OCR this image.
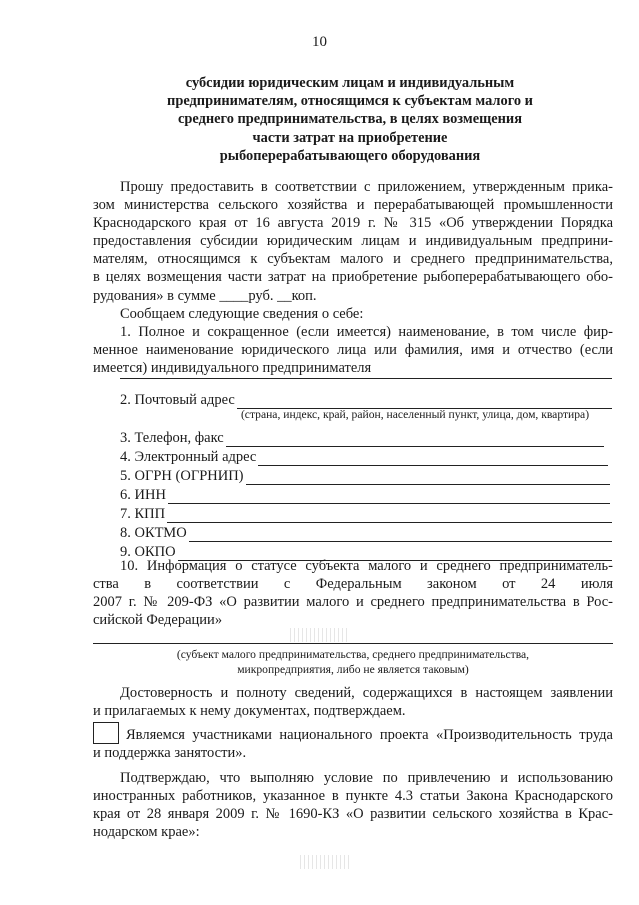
10
субсидии юридическим лицам и индивидуальным
предпринимателям, относящимся к субъектам малого и
среднего предпринимательства, в целях возмещения
части затрат на приобретение
рыбоперерабатывающего оборудования
Прошу предоставить в соответствии с приложением, утвержденным прика-
зом министерства сельского хозяйства и перерабатывающей промышленности
Краснодарского края от 16 августа 2019 г. № 315 «Об утверждении Порядка
предоставления субсидии юридическим лицам и индивидуальным предприни-
мателям, относящимся к субъектам малого и среднего предпринимательства,
в целях возмещения части затрат на приобретение рыбоперерабатывающего обо-
рудования» в сумме ____руб. __коп.
Сообщаем следующие сведения о себе:
1. Полное и сокращенное (если имеется) наименование, в том числе фир-
менное наименование юридического лица или фамилия, имя и отчество (если
имеется) индивидуального предпринимателя
2. Почтовый адрес
(страна, индекс, край, район, населенный пункт, улица, дом, квартира)
3. Телефон, факс
4. Электронный адрес
5. ОГРН (ОГРНИП)
6. ИНН
7. КПП
8. ОКТМО
9. ОКПО
10. Информация о статусе субъекта малого и среднего предприниматель-
ства в соответствии с Федеральным законом от 24 июля
2007 г. № 209-ФЗ «О развитии малого и среднего предпринимательства в Рос-
сийской Федерации»
(субъект малого предпринимательства, среднего предпринимательства,
микропредприятия, либо не является таковым)
Достоверность и полноту сведений, содержащихся в настоящем заявлении
и прилагаемых к нему документах, подтверждаем.
Являемся участниками национального проекта «Производительность труда
и поддержка занятости».
Подтверждаю, что выполняю условие по привлечению и использованию
иностранных работников, указанное в пункте 4.3 статьи Закона Краснодарского
края от 28 января 2009 г. № 1690-КЗ «О развитии сельского хозяйства в Крас-
нодарском крае»:
